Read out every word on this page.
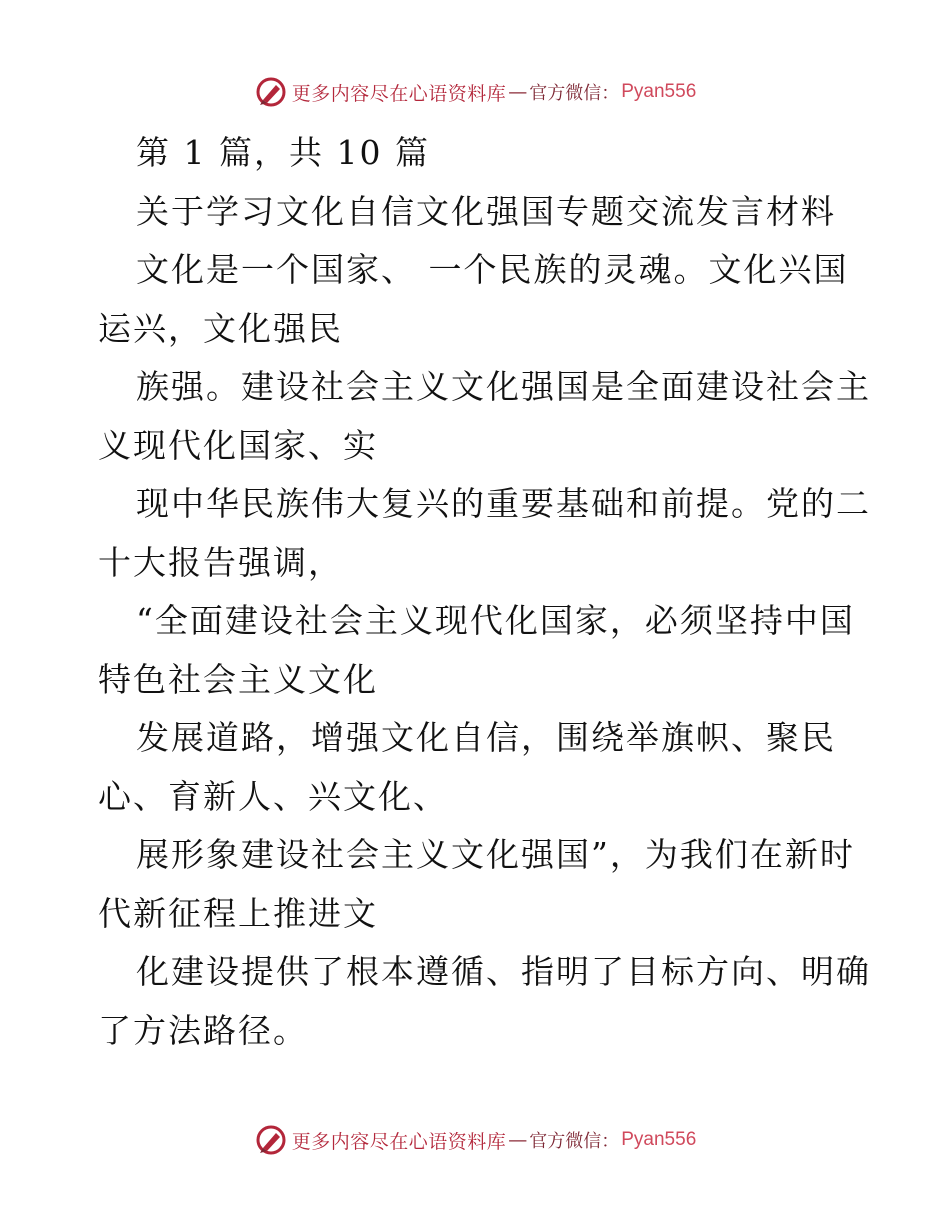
更多内容尽在心语资料库 — 官方微信： Pyan556
第 1 篇，共 10 篇
关于学习文化自信文化强国专题交流发言材料
文化是一个国家、 一个民族的灵魂。文化兴国
运兴，文化强民
族强。建设社会主义文化强国是全面建设社会主
义现代化国家、实
现中华民族伟大复兴的重要基础和前提。党的二
十大报告强调，
“全面建设社会主义现代化国家，必须坚持中国
特色社会主义文化
发展道路，增强文化自信，围绕举旗帜、聚民
心、育新人、兴文化、
展形象建设社会主义文化强国”，为我们在新时
代新征程上推进文
化建设提供了根本遵循、指明了目标方向、明确
了方法路径。
更多内容尽在心语资料库 — 官方微信： Pyan556
